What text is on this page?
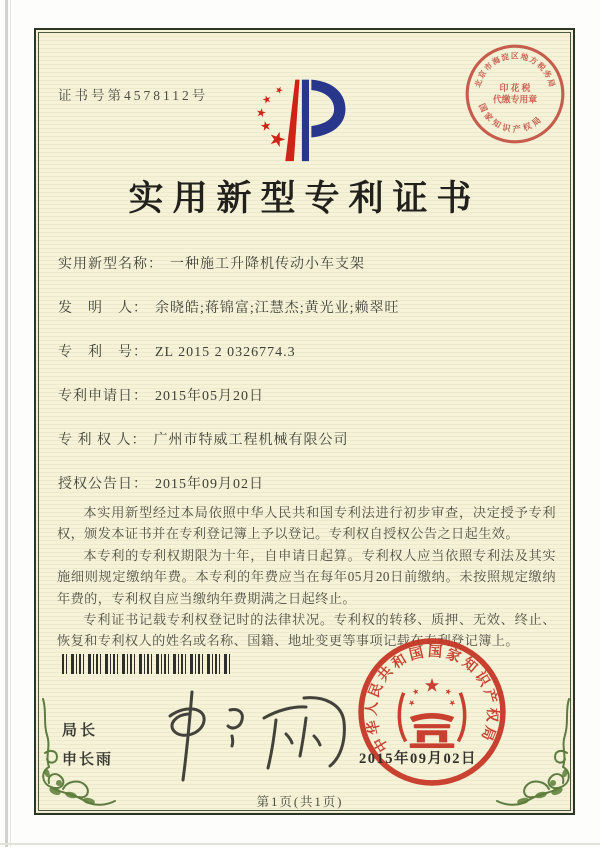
证书号第4578112号
北京市海淀区地方税务局
国家知识产权局
印 花 税
代缴专用章
实用新型专利证书
实用新型名称： 一种施工升降机传动小车支架
发　明　人： 余晓皓;蒋锦富;江慧杰;黄光业;赖翠旺
专　利　号： ZL 2015 2 0326774.3
专利申请日： 2015年05月20日
专 利 权 人： 广州市特威工程机械有限公司
授权公告日： 2015年09月02日

本实用新型经过本局依照中华人民共和国专利法进行初步审查，决定授予专利权，颁发本证书并在专利登记簿上予以登记。专利权自授权公告之日起生效。

本专利的专利权期限为十年，自申请日起算。专利权人应当依照专利法及其实施细则规定缴纳年费。本专利的年费应当在每年05月20日前缴纳。未按照规定缴纳年费的，专利权自应当缴纳年费期满之日起终止。

专利证书记载专利权登记时的法律状况。专利权的转移、质押、无效、终止、恢复和专利权人的姓名或名称、国籍、地址变更等事项记载在专利登记簿上。

局长
申长雨
中华人民共和国国家知识产权局
2015年09月02日
第1页(共1页)
